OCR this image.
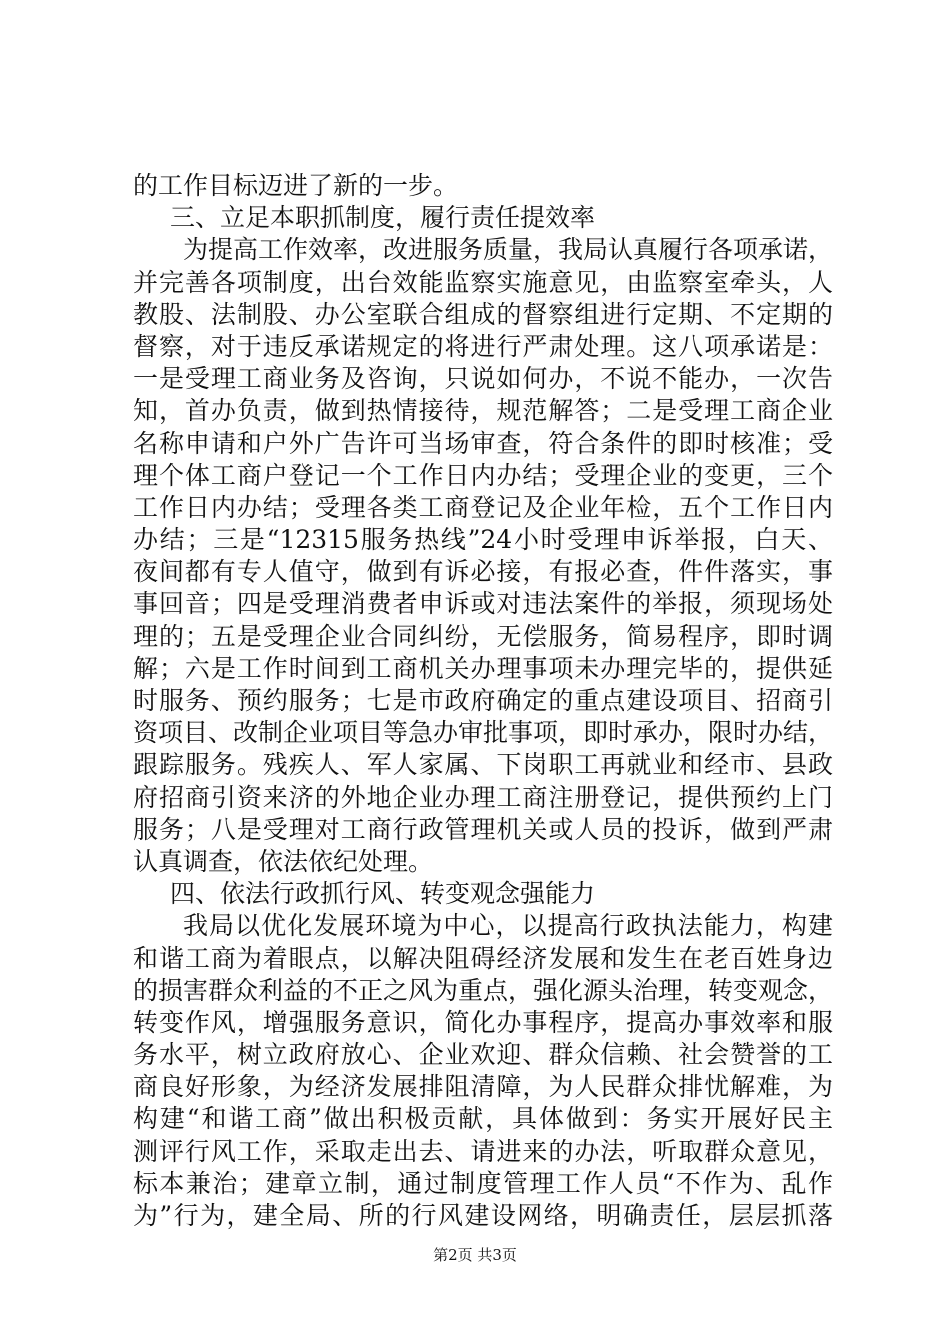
的工作目标迈进了新的一步。
三、立足本职抓制度，履行责任提效率
为提高工作效率，改进服务质量，我局认真履行各项承诺，
并完善各项制度，出台效能监察实施意见，由监察室牵头，人
教股、法制股、办公室联合组成的督察组进行定期、不定期的
督察，对于违反承诺规定的将进行严肃处理。这八项承诺是：
一是受理工商业务及咨询，只说如何办，不说不能办，一次告
知，首办负责，做到热情接待，规范解答；二是受理工商企业
名称申请和户外广告许可当场审查，符合条件的即时核准；受
理个体工商户登记一个工作日内办结；受理企业的变更，三个
工作日内办结；受理各类工商登记及企业年检，五个工作日内
办结；三是“12315服务热线”24小时受理申诉举报，白天、
夜间都有专人值守，做到有诉必接，有报必查，件件落实，事
事回音；四是受理消费者申诉或对违法案件的举报，须现场处
理的；五是受理企业合同纠纷，无偿服务，简易程序，即时调
解；六是工作时间到工商机关办理事项未办理完毕的，提供延
时服务、预约服务；七是市政府确定的重点建设项目、招商引
资项目、改制企业项目等急办审批事项，即时承办，限时办结，
跟踪服务。残疾人、军人家属、下岗职工再就业和经市、县政
府招商引资来济的外地企业办理工商注册登记，提供预约上门
服务；八是受理对工商行政管理机关或人员的投诉，做到严肃
认真调查，依法依纪处理。
四、依法行政抓行风、转变观念强能力
我局以优化发展环境为中心，以提高行政执法能力，构建
和谐工商为着眼点，以解决阻碍经济发展和发生在老百姓身边
的损害群众利益的不正之风为重点，强化源头治理，转变观念，
转变作风，增强服务意识，简化办事程序，提高办事效率和服
务水平，树立政府放心、企业欢迎、群众信赖、社会赞誉的工
商良好形象，为经济发展排阻清障，为人民群众排忧解难，为
构建“和谐工商”做出积极贡献，具体做到：务实开展好民主
测评行风工作，采取走出去、请进来的办法，听取群众意见，
标本兼治；建章立制，通过制度管理工作人员“不作为、乱作
为”行为，建全局、所的行风建设网络，明确责任，层层抓落
第2页 共3页
